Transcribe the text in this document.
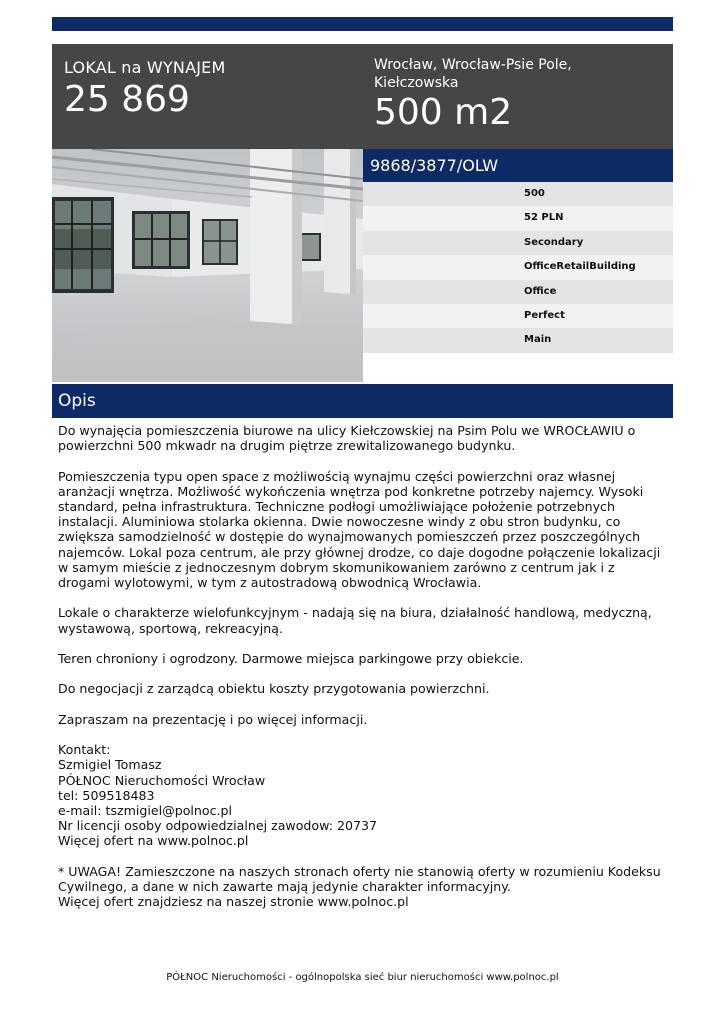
LOKAL na WYNAJEM
25 869
Wrocław, Wrocław-Psie Pole, Kiełczowska
500 m2
9868/3877/OLW
500
52 PLN
Secondary
OfficeRetailBuilding
Office
Perfect
Main
Opis

Do wynajęcia pomieszczenia biurowe na ulicy Kiełczowskiej na Psim Polu we WROCŁAWIU o powierzchni 500 mkwadr na drugim piętrze zrewitalizowanego budynku.

Pomieszczenia typu open space z możliwością wynajmu części powierzchni oraz własnej aranżacji wnętrza. Możliwość wykończenia wnętrza pod konkretne potrzeby najemcy. Wysoki standard, pełna infrastruktura. Techniczne podłogi umożliwiające położenie potrzebnych instalacji. Aluminiowa stolarka okienna. Dwie nowoczesne windy z obu stron budynku, co zwiększa samodzielność w dostępie do wynajmowanych pomieszczeń przez poszczególnych najemców. Lokal poza centrum, ale przy głównej drodze, co daje dogodne połączenie lokalizacji w samym mieście z jednoczesnym dobrym skomunikowaniem zarówno z centrum jak i z drogami wylotowymi, w tym z autostradową obwodnicą Wrocławia.

Lokale o charakterze wielofunkcyjnym - nadają się na biura, działalność handlową, medyczną, wystawową, sportową, rekreacyjną.

Teren chroniony i ogrodzony. Darmowe miejsca parkingowe przy obiekcie.

Do negocjacji z zarządcą obiektu koszty przygotowania powierzchni.

Zapraszam na prezentację i po więcej informacji.

Kontakt:
Szmigiel Tomasz
PÓŁNOC Nieruchomości Wrocław
tel: 509518483
e-mail: tszmigiel@polnoc.pl
Nr licencji osoby odpowiedzialnej zawodow: 20737
Więcej ofert na www.polnoc.pl

* UWAGA! Zamieszczone na naszych stronach oferty nie stanowią oferty w rozumieniu Kodeksu Cywilnego, a dane w nich zawarte mają jedynie charakter informacyjny.
Więcej ofert znajdziesz na naszej stronie www.polnoc.pl

PÓŁNOC Nieruchomości - ogólnopolska sieć biur nieruchomości www.polnoc.pl
